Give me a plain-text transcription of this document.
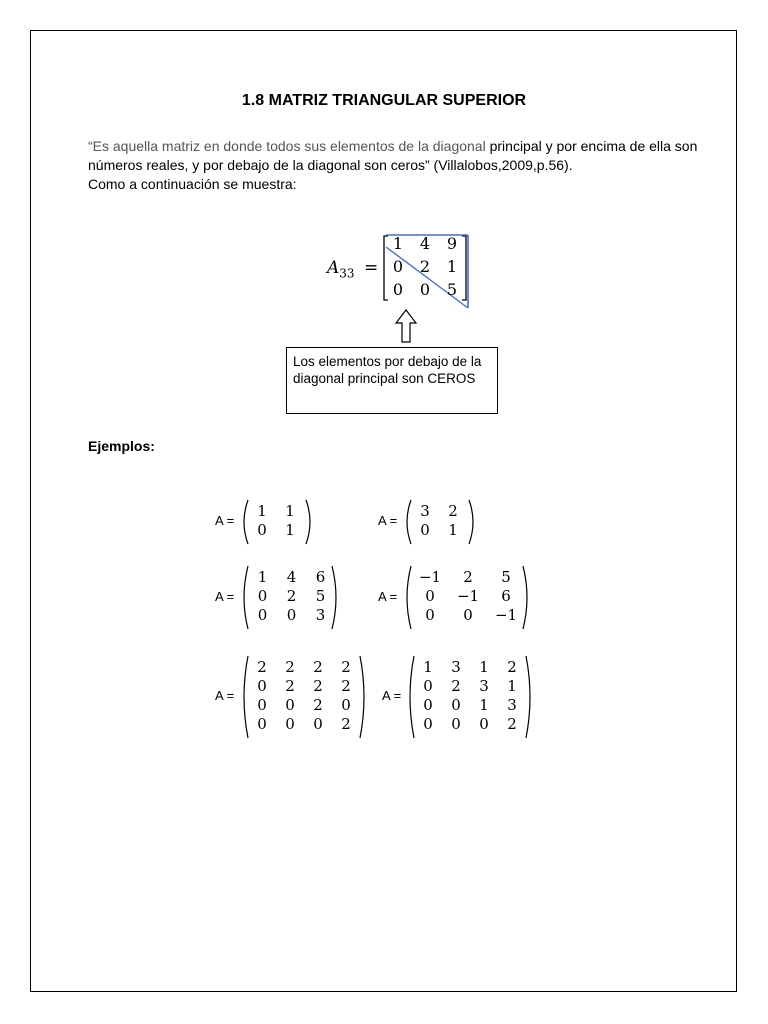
1.8 MATRIZ TRIANGULAR SUPERIOR
“Es aquella matriz en donde todos sus elementos de la diagonal principal y por encima de ella son números reales, y por debajo de la diagonal son ceros” (Villalobos,2009,p.56).
Como a continuación se muestra:
$A_{33}$ =
1	4	9
0	2	1
0	0	5
Los elementos por debajo de la diagonal principal son CEROS
Ejemplos:
A =
1	1
0	1
A =
3	2
0	1
A =
1	4	6
0	2	5
0	0	3
A =
−1	2	5
0	−1	6
0	0	−1
A =
2	2	2	2
0	2	2	2
0	0	2	0
0	0	0	2
A =
1	3	1	2
0	2	3	1
0	0	1	3
0	0	0	2
